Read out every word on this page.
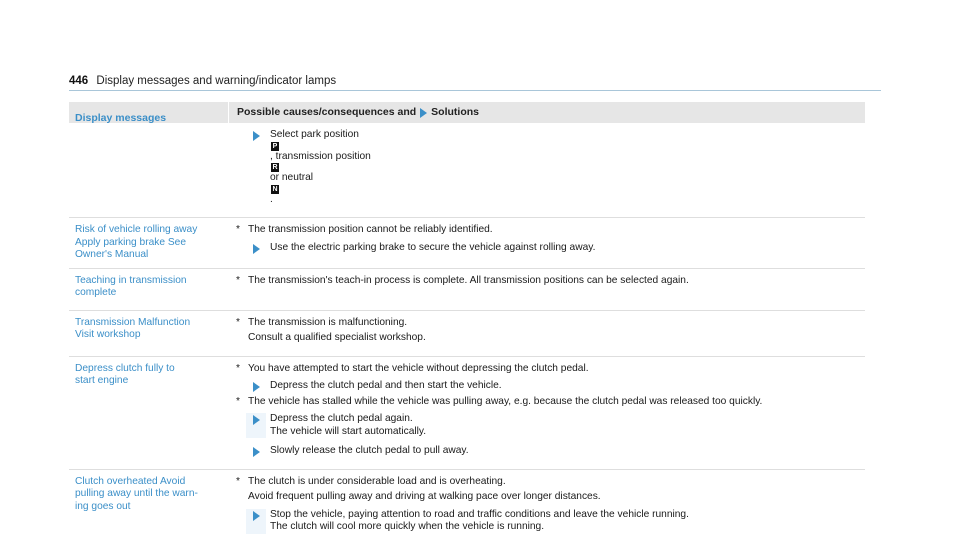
446 Display messages and warning/indicator lamps
Display messages	Possible causes/consequences and Solutions
Select park position
P
, transmission position
R
or neutral
N
.
Risk of vehicle rolling away
Apply parking brake See
Owner's Manual
* The transmission position cannot be reliably identified.
Use the electric parking brake to secure the vehicle against rolling away.
Teaching in transmission
complete
* The transmission's teach-in process is complete. All transmission positions can be selected again.
Transmission Malfunction
Visit workshop
* The transmission is malfunctioning.
Consult a qualified specialist workshop.
Depress clutch fully to
start engine
* You have attempted to start the vehicle without depressing the clutch pedal.
Depress the clutch pedal and then start the vehicle.
* The vehicle has stalled while the vehicle was pulling away, e.g. because the clutch pedal was released too quickly.
Depress the clutch pedal again.
The vehicle will start automatically.
Slowly release the clutch pedal to pull away.
Clutch overheated Avoid
pulling away until the warn-
ing goes out
* The clutch is under considerable load and is overheating.
Avoid frequent pulling away and driving at walking pace over longer distances.
Stop the vehicle, paying attention to road and traffic conditions and leave the vehicle running.
The clutch will cool more quickly when the vehicle is running.
